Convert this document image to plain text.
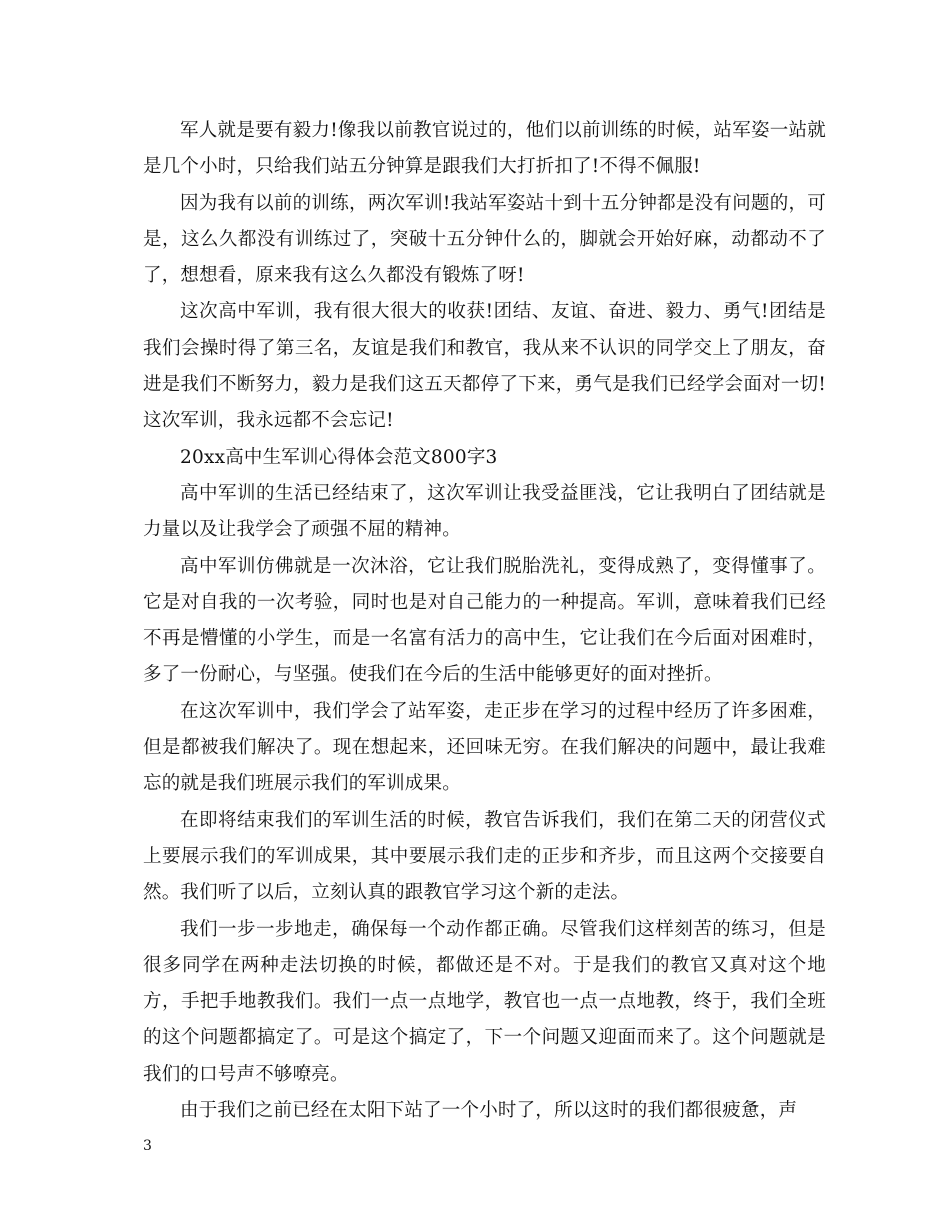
军人就是要有毅力!像我以前教官说过的，他们以前训练的时候，站军姿一站就是几个小时，只给我们站五分钟算是跟我们大打折扣了!不得不佩服!

因为我有以前的训练，两次军训!我站军姿站十到十五分钟都是没有问题的，可是，这么久都没有训练过了，突破十五分钟什么的，脚就会开始好麻，动都动不了了，想想看，原来我有这么久都没有锻炼了呀!

这次高中军训，我有很大很大的收获!团结、友谊、奋进、毅力、勇气!团结是我们会操时得了第三名，友谊是我们和教官，我从来不认识的同学交上了朋友，奋进是我们不断努力，毅力是我们这五天都停了下来，勇气是我们已经学会面对一切!这次军训，我永远都不会忘记!

20xx高中生军训心得体会范文800字3

高中军训的生活已经结束了，这次军训让我受益匪浅，它让我明白了团结就是力量以及让我学会了顽强不屈的精神。

高中军训仿佛就是一次沐浴，它让我们脱胎洗礼，变得成熟了，变得懂事了。它是对自我的一次考验，同时也是对自己能力的一种提高。军训，意味着我们已经不再是懵懂的小学生，而是一名富有活力的高中生，它让我们在今后面对困难时，多了一份耐心，与坚强。使我们在今后的生活中能够更好的面对挫折。

在这次军训中，我们学会了站军姿，走正步在学习的过程中经历了许多困难，但是都被我们解决了。现在想起来，还回味无穷。在我们解决的问题中，最让我难忘的就是我们班展示我们的军训成果。

在即将结束我们的军训生活的时候，教官告诉我们，我们在第二天的闭营仪式上要展示我们的军训成果，其中要展示我们走的正步和齐步，而且这两个交接要自然。我们听了以后，立刻认真的跟教官学习这个新的走法。

我们一步一步地走，确保每一个动作都正确。尽管我们这样刻苦的练习，但是很多同学在两种走法切换的时候，都做还是不对。于是我们的教官又真对这个地方，手把手地教我们。我们一点一点地学，教官也一点一点地教，终于，我们全班的这个问题都搞定了。可是这个搞定了，下一个问题又迎面而来了。这个问题就是我们的口号声不够嘹亮。

由于我们之前已经在太阳下站了一个小时了，所以这时的我们都很疲惫，声

3
